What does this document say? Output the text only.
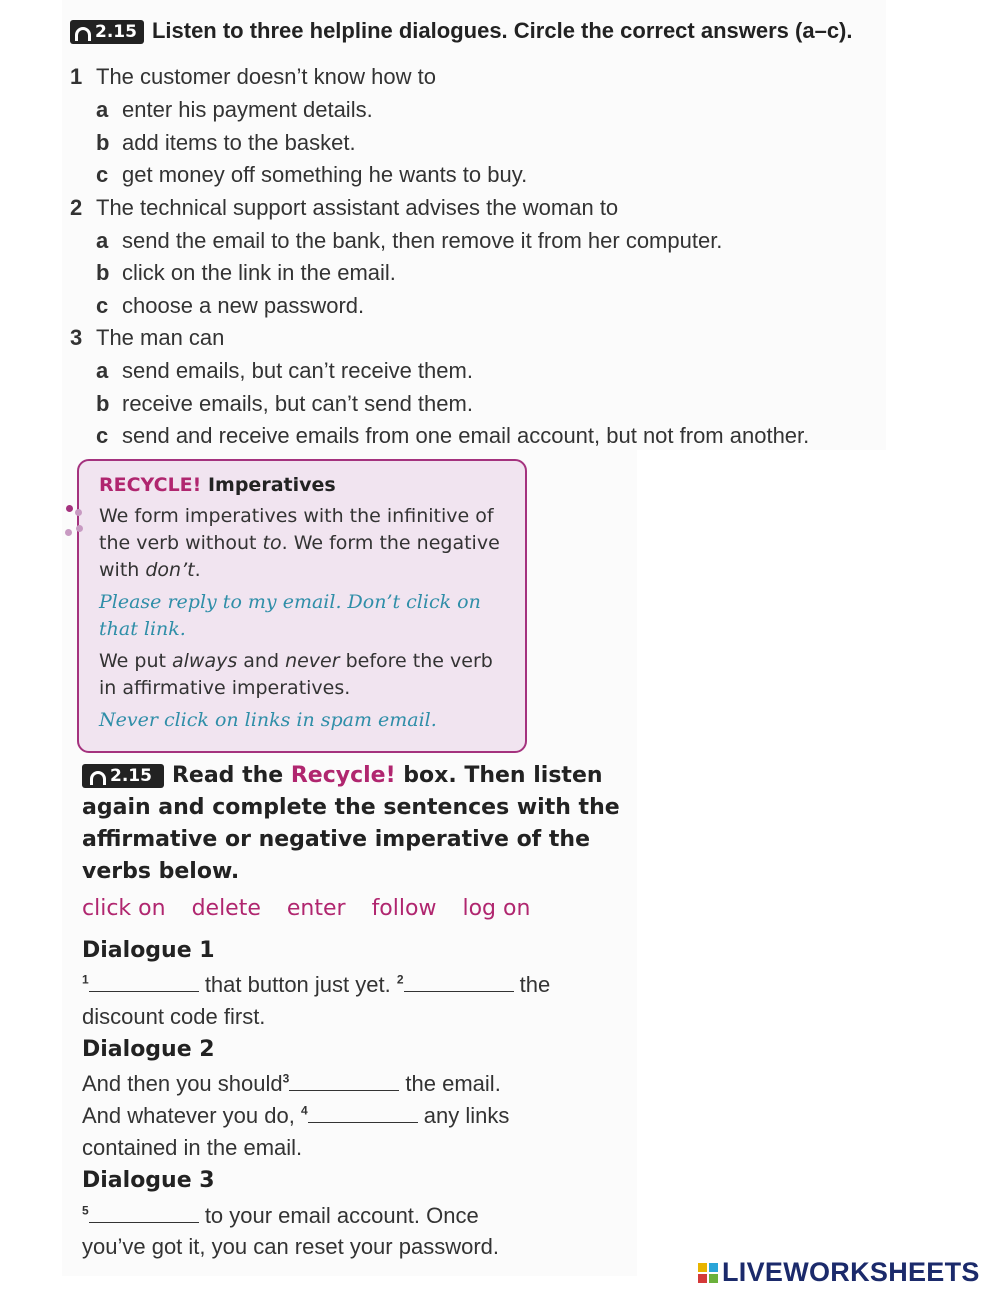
2.15 Listen to three helpline dialogues. Circle the correct answers (a–c).
1 The customer doesn’t know how to
a enter his payment details.
b add items to the basket.
c get money off something he wants to buy.
2 The technical support assistant advises the woman to
a send the email to the bank, then remove it from her computer.
b click on the link in the email.
c choose a new password.
3 The man can
a send emails, but can’t receive them.
b receive emails, but can’t send them.
c send and receive emails from one email account, but not from another.
RECYCLE! Imperatives
We form imperatives with the infinitive of the verb without to. We form the negative with don’t.
Please reply to my email. Don’t click on that link.
We put always and never before the verb in affirmative imperatives.
Never click on links in spam email.
2.15 Read the Recycle! box. Then listen again and complete the sentences with the affirmative or negative imperative of the verbs below.
click on delete enter follow log on
Dialogue 1
$^1$	that button just yet. $^2$	the
discount code first.
Dialogue 2
And then you should$^3$	the email.
And whatever you do, $^4$	any links
contained in the email.
Dialogue 3
$^5$	to your email account. Once
you’ve got it, you can reset your password.
LIVEWORKSHEETS
